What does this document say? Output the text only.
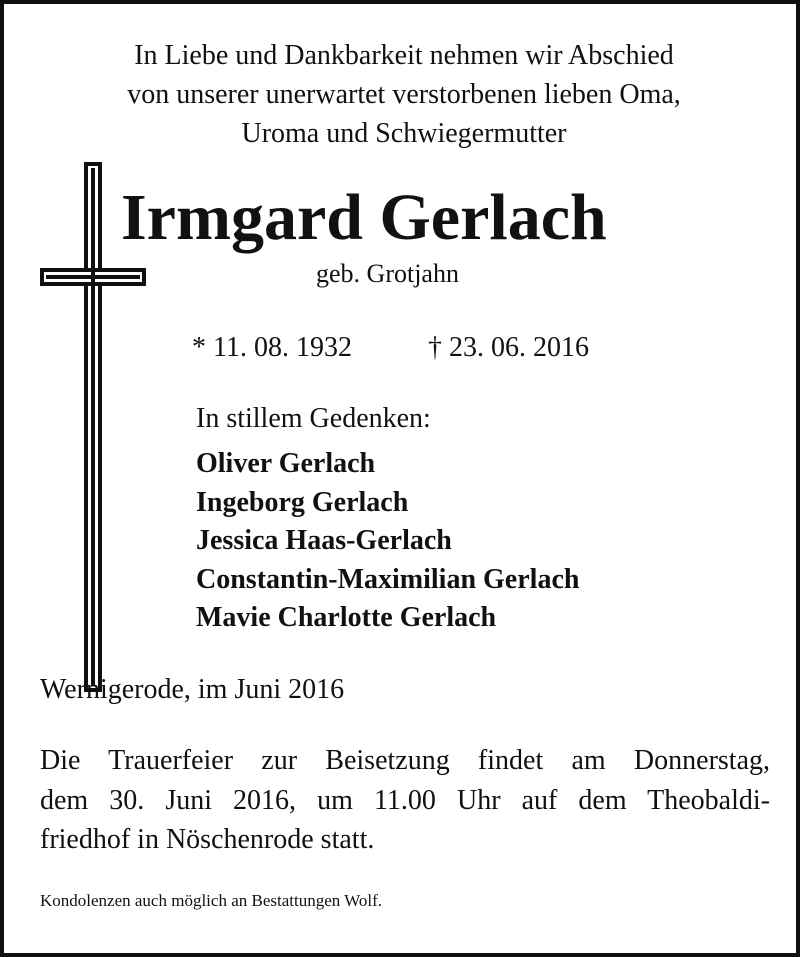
In Liebe und Dankbarkeit nehmen wir Abschied
von unserer unerwartet verstorbenen lieben Oma,
Uroma und Schwiegermutter
Irmgard Gerlach
geb. Grotjahn
* 11. 08. 1932	† 23. 06. 2016
In stillem Gedenken:
Oliver Gerlach
Ingeborg Gerlach
Jessica Haas-Gerlach
Constantin-Maximilian Gerlach
Mavie Charlotte Gerlach
Wernigerode, im Juni 2016
Die Trauerfeier zur Beisetzung findet am Donnerstag,
dem 30. Juni 2016, um 11.00 Uhr auf dem Theobaldi-
friedhof in Nöschenrode statt.
Kondolenzen auch möglich an Bestattungen Wolf.
